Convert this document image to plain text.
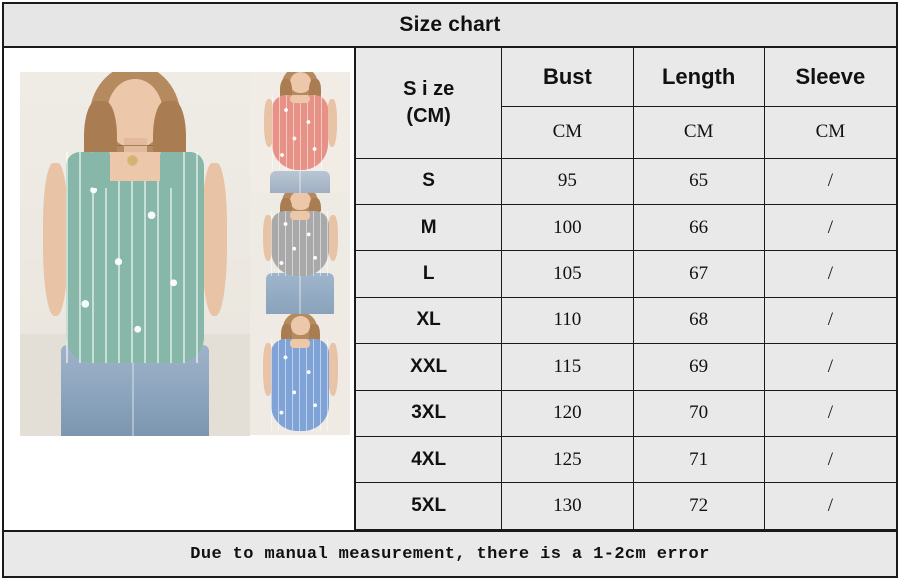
Size chart
S i ze
(CM)	Bust	Length	Sleeve
	CM	CM	CM
S	95	65	/
M	100	66	/
L	105	67	/
XL	110	68	/
XXL	115	69	/
3XL	120	70	/
4XL	125	71	/
5XL	130	72	/
Due to manual measurement, there is a 1-2cm error
